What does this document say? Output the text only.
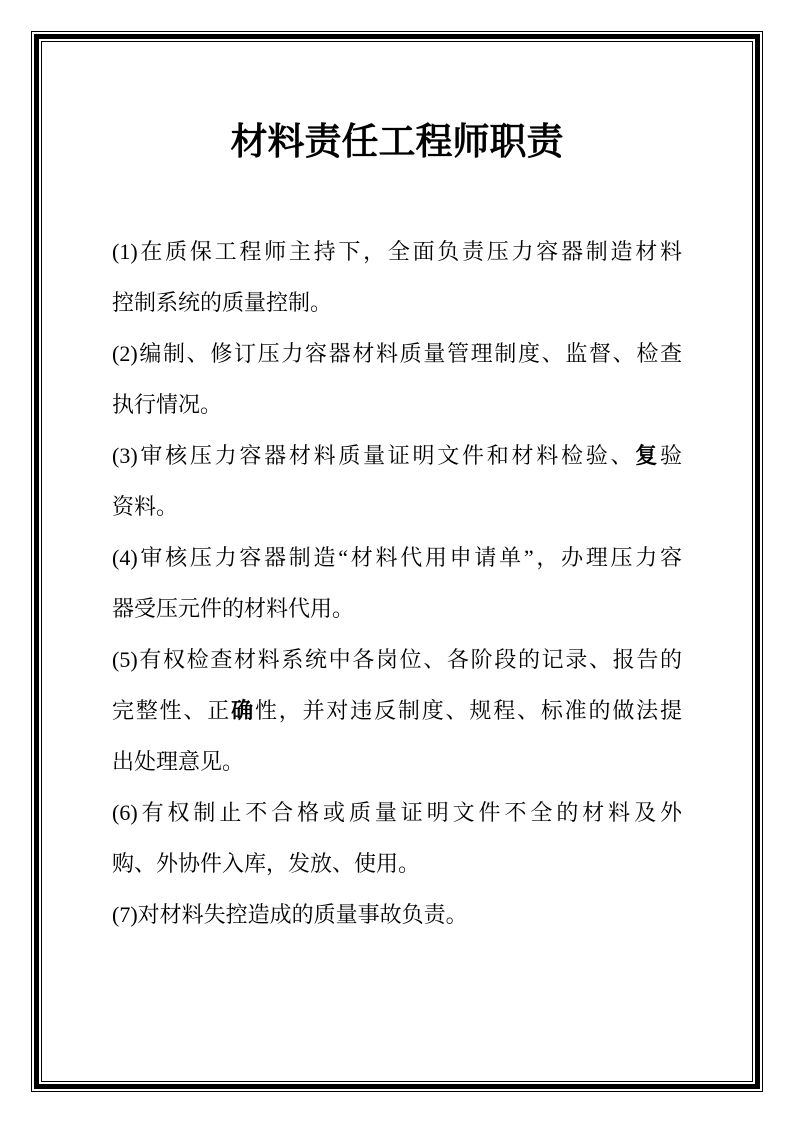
材料责任工程师职责
(1)在质保工程师主持下，全面负责压力容器制造材料
控制系统的质量控制。
(2)编制、修订压力容器材料质量管理制度、监督、检查
执行情况。
(3)审核压力容器材料质量证明文件和材料检验、复验
资料。
(4)审核压力容器制造“材料代用申请单”，办理压力容
器受压元件的材料代用。
(5)有权检查材料系统中各岗位、各阶段的记录、报告的
完整性、正确性，并对违反制度、规程、标准的做法提
出处理意见。
(6)有权制止不合格或质量证明文件不全的材料及外
购、外协件入库，发放、使用。
(7)对材料失控造成的质量事故负责。
